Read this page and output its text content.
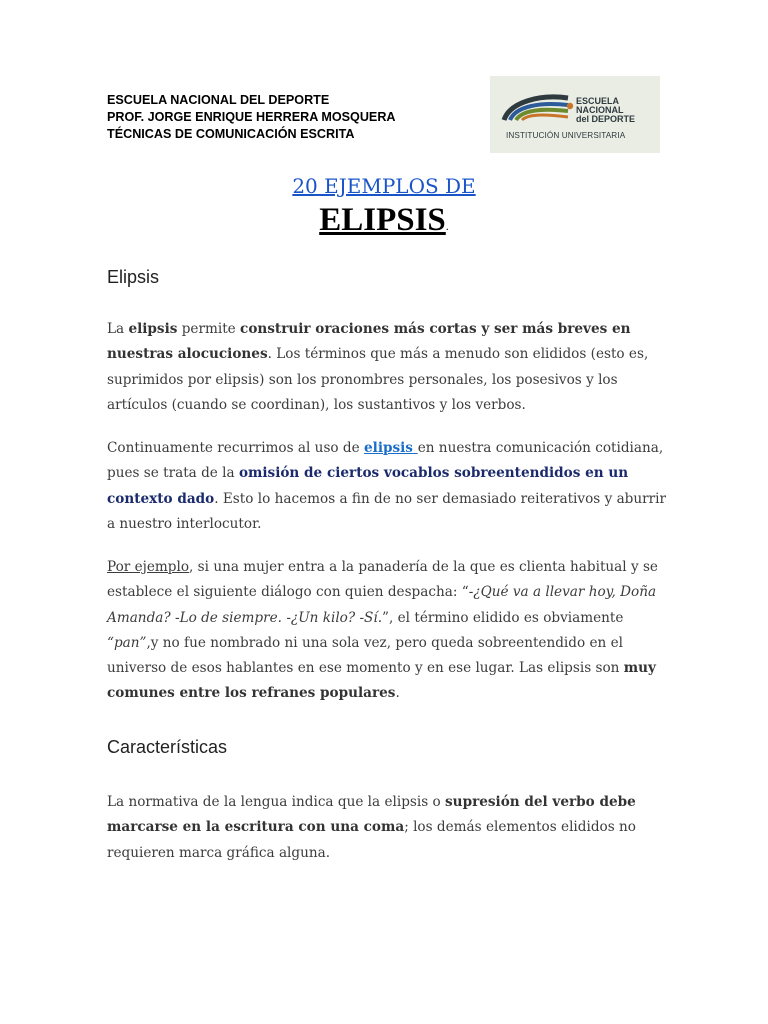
ESCUELA NACIONAL DEL DEPORTE
PROF. JORGE ENRIQUE HERRERA MOSQUERA
TÉCNICAS DE COMUNICACIÓN ESCRITA
ESCUELA
NACIONAL
del DEPORTE
INSTITUCIÓN UNIVERSITARIA
20 EJEMPLOS DE
ELIPSIS.
Elipsis
La elipsis permite construir oraciones más cortas y ser más breves en nuestras alocuciones. Los términos que más a menudo son elididos (esto es, suprimidos por elipsis) son los pronombres personales, los posesivos y los artículos (cuando se coordinan), los sustantivos y los verbos.
Continuamente recurrimos al uso de elipsis en nuestra comunicación cotidiana, pues se trata de la omisión de ciertos vocablos sobreentendidos en un contexto dado. Esto lo hacemos a fin de no ser demasiado reiterativos y aburrir a nuestro interlocutor.
Por ejemplo, si una mujer entra a la panadería de la que es clienta habitual y se establece el siguiente diálogo con quien despacha: “-¿Qué va a llevar hoy, Doña Amanda? -Lo de siempre. -¿Un kilo? -Sí.”, el término elidido es obviamente “pan”,y no fue nombrado ni una sola vez, pero queda sobreentendido en el universo de esos hablantes en ese momento y en ese lugar. Las elipsis son muy comunes entre los refranes populares.
Características
La normativa de la lengua indica que la elipsis o supresión del verbo debe marcarse en la escritura con una coma; los demás elementos elididos no requieren marca gráfica alguna.
